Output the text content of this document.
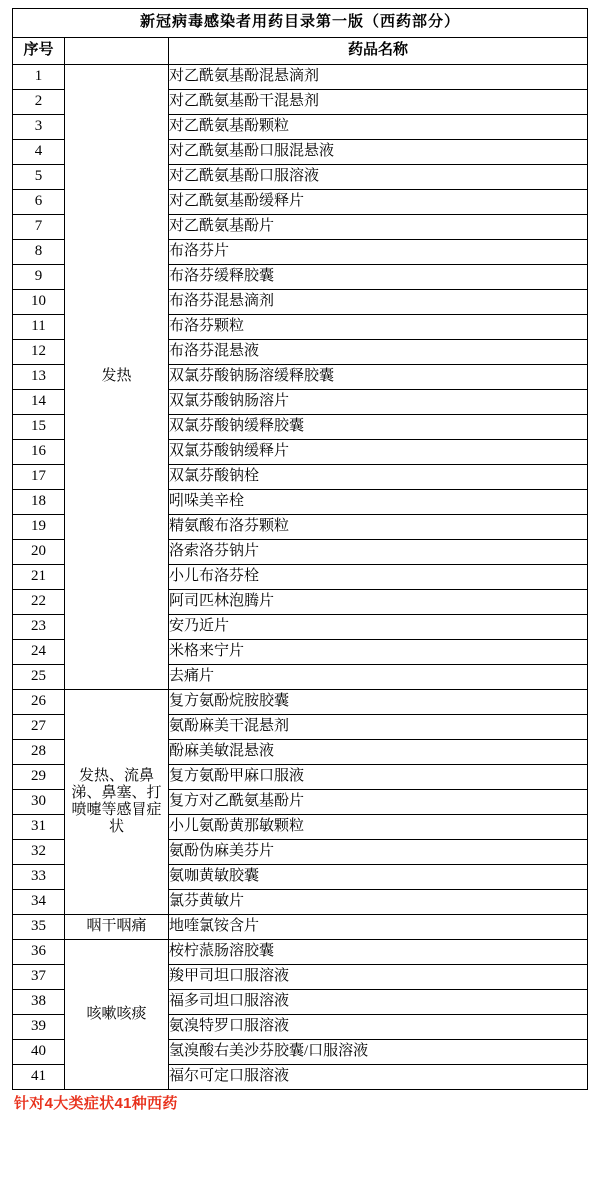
新冠病毒感染者用药目录第一版（西药部分）		
序号		药品名称
1	发热	对乙酰氨基酚混悬滴剂
2		对乙酰氨基酚干混悬剂
3		对乙酰氨基酚颗粒
4		对乙酰氨基酚口服混悬液
5		对乙酰氨基酚口服溶液
6		对乙酰氨基酚缓释片
7		对乙酰氨基酚片
8		布洛芬片
9		布洛芬缓释胶囊
10		布洛芬混悬滴剂
11		布洛芬颗粒
12		布洛芬混悬液
13		双氯芬酸钠肠溶缓释胶囊
14		双氯芬酸钠肠溶片
15		双氯芬酸钠缓释胶囊
16		双氯芬酸钠缓释片
17		双氯芬酸钠栓
18		吲哚美辛栓
19		精氨酸布洛芬颗粒
20		洛索洛芬钠片
21		小儿布洛芬栓
22		阿司匹林泡腾片
23		安乃近片
24		米格来宁片
25		去痛片
26	发热、流鼻涕、鼻塞、打喷嚏等感冒症状	复方氨酚烷胺胶囊
27		氨酚麻美干混悬剂
28		酚麻美敏混悬液
29		复方氨酚甲麻口服液
30		复方对乙酰氨基酚片
31		小儿氨酚黄那敏颗粒
32		氨酚伪麻美芬片
33		氨咖黄敏胶囊
34		氯芬黄敏片
35	咽干咽痛	地喹氯铵含片
36	咳嗽咳痰	桉柠蒎肠溶胶囊
37		羧甲司坦口服溶液
38		福多司坦口服溶液
39		氨溴特罗口服溶液
40		氢溴酸右美沙芬胶囊/口服溶液
41		福尔可定口服溶液
针对4大类症状41种西药
